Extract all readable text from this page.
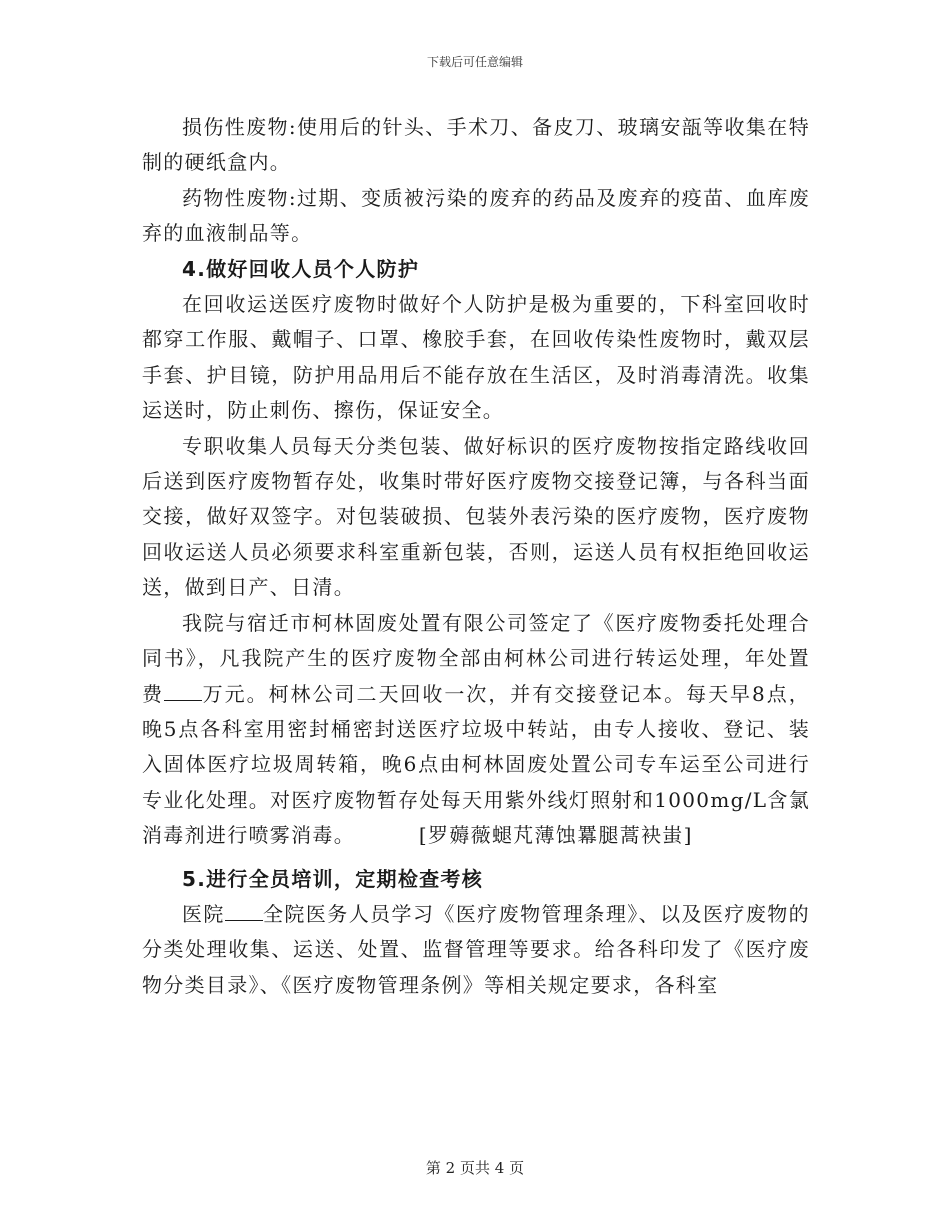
下载后可任意编辑

损伤性废物:使用后的针头、手术刀、备皮刀、玻璃安瓿等收集在特制的硬纸盒内。

药物性废物:过期、变质被污染的废弃的药品及废弃的疫苗、血库废弃的血液制品等。

4.做好回收人员个人防护

在回收运送医疗废物时做好个人防护是极为重要的，下科室回收时都穿工作服、戴帽子、口罩、橡胶手套，在回收传染性废物时，戴双层手套、护目镜，防护用品用后不能存放在生活区，及时消毒清洗。收集运送时，防止刺伤、擦伤，保证安全。

专职收集人员每天分类包装、做好标识的医疗废物按指定路线收回后送到医疗废物暂存处，收集时带好医疗废物交接登记簿，与各科当面交接，做好双签字。对包装破损、包装外表污染的医疗废物，医疗废物回收运送人员必须要求科室重新包装，否则，运送人员有权拒绝回收运送，做到日产、日清。

我院与宿迁市柯林固废处置有限公司签定了《医疗废物委托处理合同书》，凡我院产生的医疗废物全部由柯林公司进行转运处理，年处置费 万元。柯林公司二天回收一次，并有交接登记本。每天早8点，晚5点各科室用密封桶密封送医疗垃圾中转站，由专人接收、登记、装入固体医疗垃圾周转箱，晚6点由柯林固废处置公司专车运至公司进行专业化处理。对医疗废物暂存处每天用紫外线灯照射和1000mg/L含氯消毒剂进行喷雾消毒。   	[罗薅薇螁芃薄蚀羃腿蒿袂蚩]

5.进行全员培训，定期检查考核

医院 全院医务人员学习《医疗废物管理条理》、以及医疗废物的分类处理收集、运送、处置、监督管理等要求。给各科印发了《医疗废物分类目录》、《医疗废物管理条例》等相关规定要求，各科室

第 2 页共 4 页
